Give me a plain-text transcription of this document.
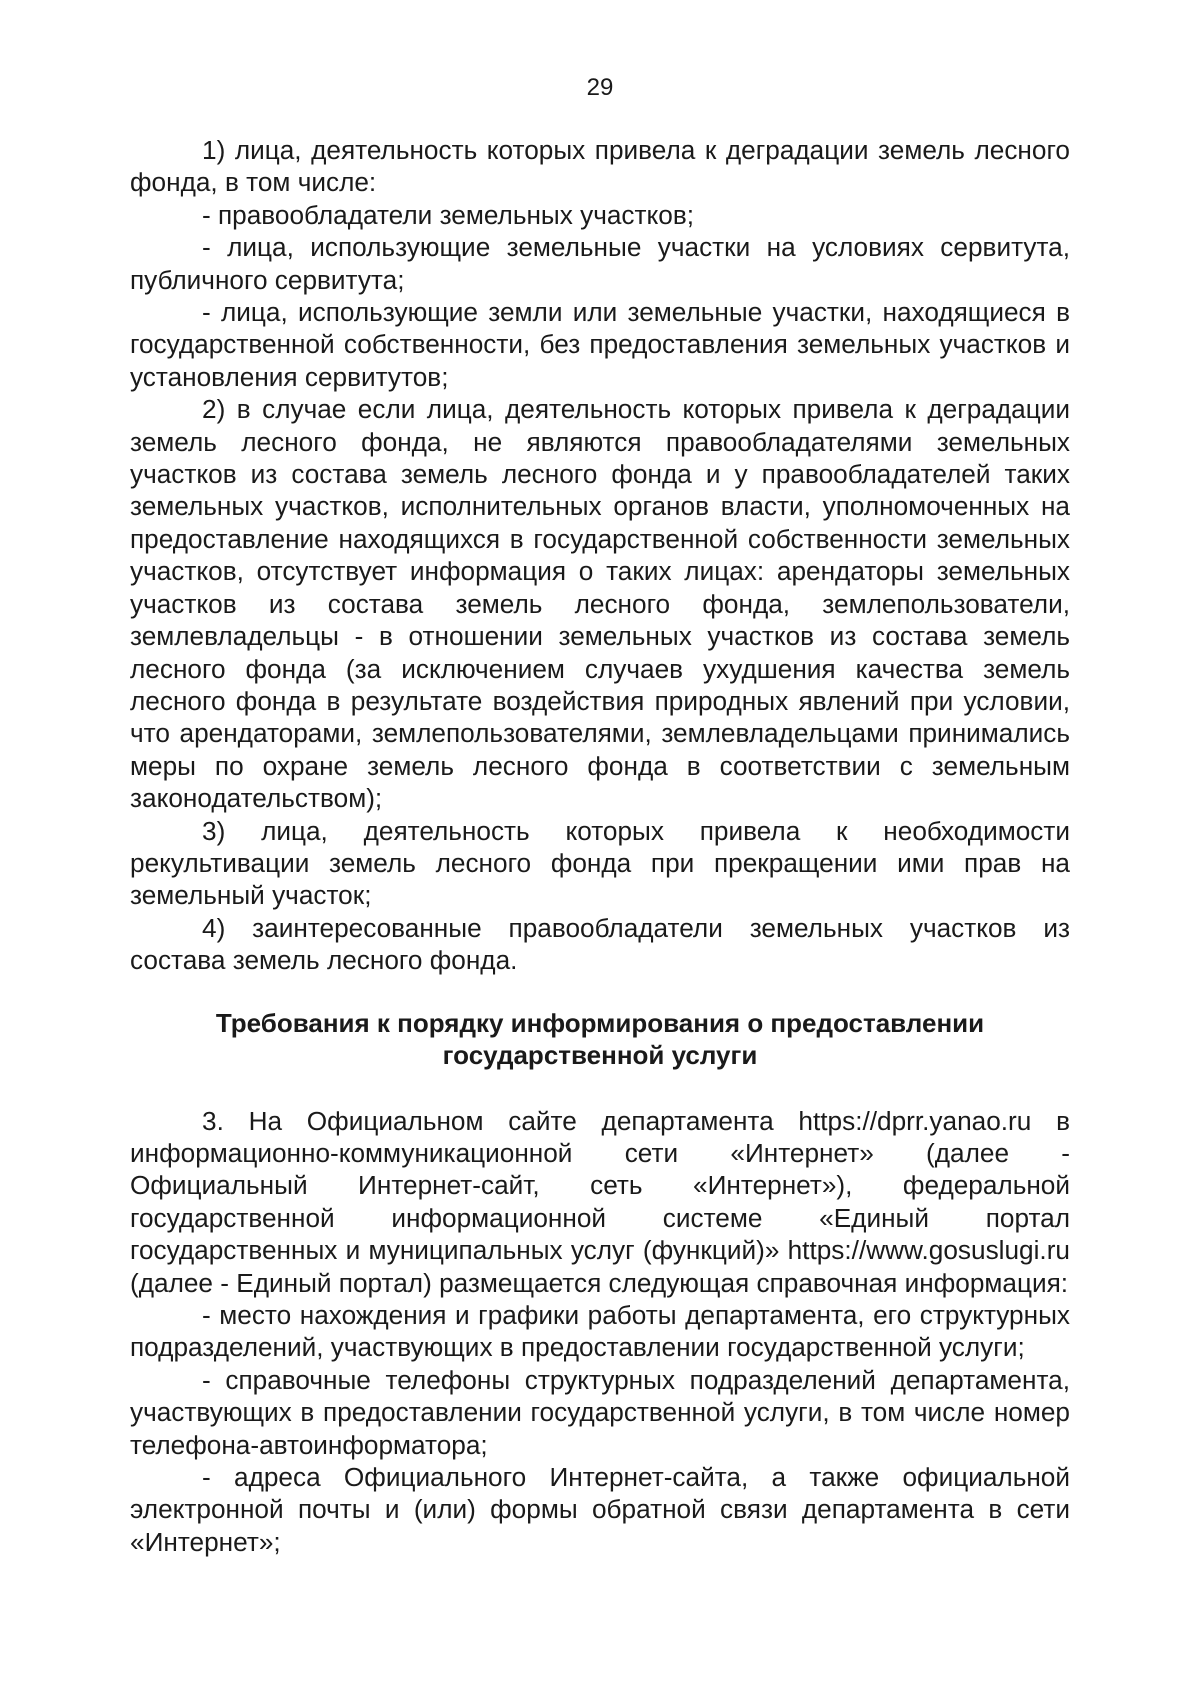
29

1) лица, деятельность которых привела к деградации земель лесного фонда, в том числе:

- правообладатели земельных участков;

- лица, использующие земельные участки на условиях сервитута, публичного сервитута;

- лица, использующие земли или земельные участки, находящиеся в государственной собственности, без предоставления земельных участков и установления сервитутов;

2) в случае если лица, деятельность которых привела к деградации земель лесного фонда, не являются правообладателями земельных участков из состава земель лесного фонда и у правообладателей таких земельных участков, исполнительных органов власти, уполномоченных на предоставление находящихся в государственной собственности земельных участков, отсутствует информация о таких лицах: арендаторы земельных участков из состава земель лесного фонда, землепользователи, землевладельцы - в отношении земельных участков из состава земель лесного фонда (за исключением случаев ухудшения качества земель лесного фонда в результате воздействия природных явлений при условии, что арендаторами, землепользователями, землевладельцами принимались меры по охране земель лесного фонда в соответствии с земельным законодательством);

3) лица, деятельность которых привела к необходимости рекультивации земель лесного фонда при прекращении ими прав на земельный участок;

4) заинтересованные правообладатели земельных участков из состава земель лесного фонда.

Требования к порядку информирования о предоставлении
государственной услуги

3. На Официальном сайте департамента https://dprr.yanao.ru в информационно-коммуникационной сети «Интернет» (далее - Официальный Интернет-сайт, сеть «Интернет»), федеральной государственной информационной системе «Единый портал государственных и муниципальных услуг (функций)» https://www.gosuslugi.ru (далее - Единый портал) размещается следующая справочная информация:

- место нахождения и графики работы департамента, его структурных подразделений, участвующих в предоставлении государственной услуги;

- справочные телефоны структурных подразделений департамента, участвующих в предоставлении государственной услуги, в том числе номер телефона-автоинформатора;

- адреса Официального Интернет-сайта, а также официальной электронной почты и (или) формы обратной связи департамента в сети «Интернет»;
